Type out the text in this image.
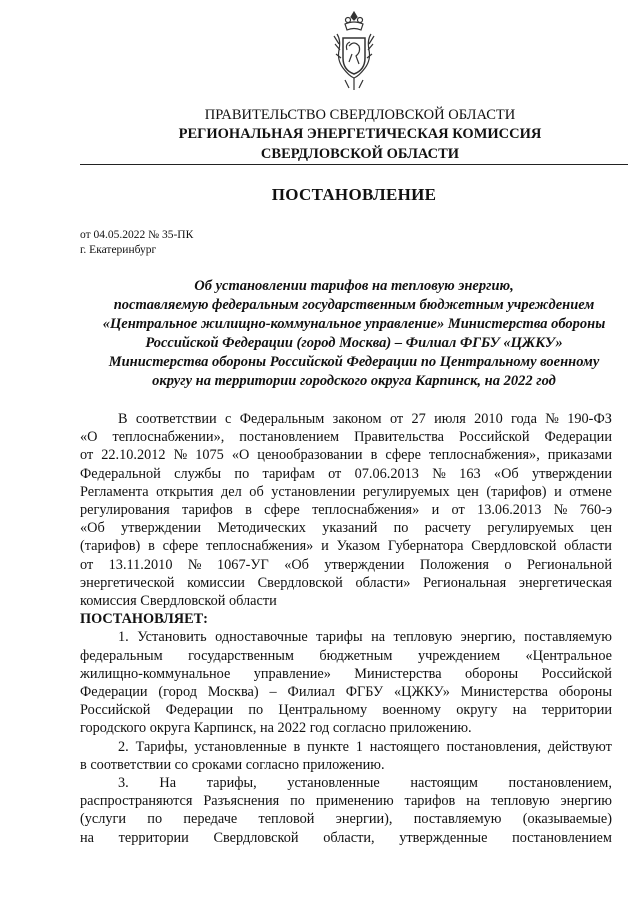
ПРАВИТЕЛЬСТВО СВЕРДЛОВСКОЙ ОБЛАСТИ
РЕГИОНАЛЬНАЯ ЭНЕРГЕТИЧЕСКАЯ КОМИССИЯ
СВЕРДЛОВСКОЙ ОБЛАСТИ
ПОСТАНОВЛЕНИЕ
от 04.05.2022 № 35-ПК
г. Екатеринбург
Об установлении тарифов на тепловую энергию,
поставляемую федеральным государственным бюджетным учреждением
«Центральное жилищно-коммунальное управление» Министерства обороны
Российской Федерации (город Москва) – Филиал ФГБУ «ЦЖКУ»
Министерства обороны Российской Федерации по Центральному военному
округу на территории городского округа Карпинск, на 2022 год
В соответствии с Федеральным законом от 27 июля 2010 года № 190-ФЗ
«О теплоснабжении», постановлением Правительства Российской Федерации
от 22.10.2012 № 1075 «О ценообразовании в сфере теплоснабжения», приказами
Федеральной службы по тарифам от 07.06.2013 № 163 «Об утверждении
Регламента открытия дел об установлении регулируемых цен (тарифов) и отмене
регулирования тарифов в сфере теплоснабжения» и от 13.06.2013 № 760-э
«Об утверждении Методических указаний по расчету регулируемых цен
(тарифов) в сфере теплоснабжения» и Указом Губернатора Свердловской области
от 13.11.2010 № 1067-УГ «Об утверждении Положения о Региональной
энергетической комиссии Свердловской области» Региональная энергетическая
комиссия Свердловской области
ПОСТАНОВЛЯЕТ:
1. Установить одноставочные тарифы на тепловую энергию, поставляемую
федеральным государственным бюджетным учреждением «Центральное
жилищно-коммунальное управление» Министерства обороны Российской
Федерации (город Москва) – Филиал ФГБУ «ЦЖКУ» Министерства обороны
Российской Федерации по Центральному военному округу на территории
городского округа Карпинск, на 2022 год согласно приложению.
2. Тарифы, установленные в пункте 1 настоящего постановления, действуют
в соответствии со сроками согласно приложению.
3. На тарифы, установленные настоящим постановлением,
распространяются Разъяснения по применению тарифов на тепловую энергию
(услуги по передаче тепловой энергии), поставляемую (оказываемые)
на территории Свердловской области, утвержденные постановлением
